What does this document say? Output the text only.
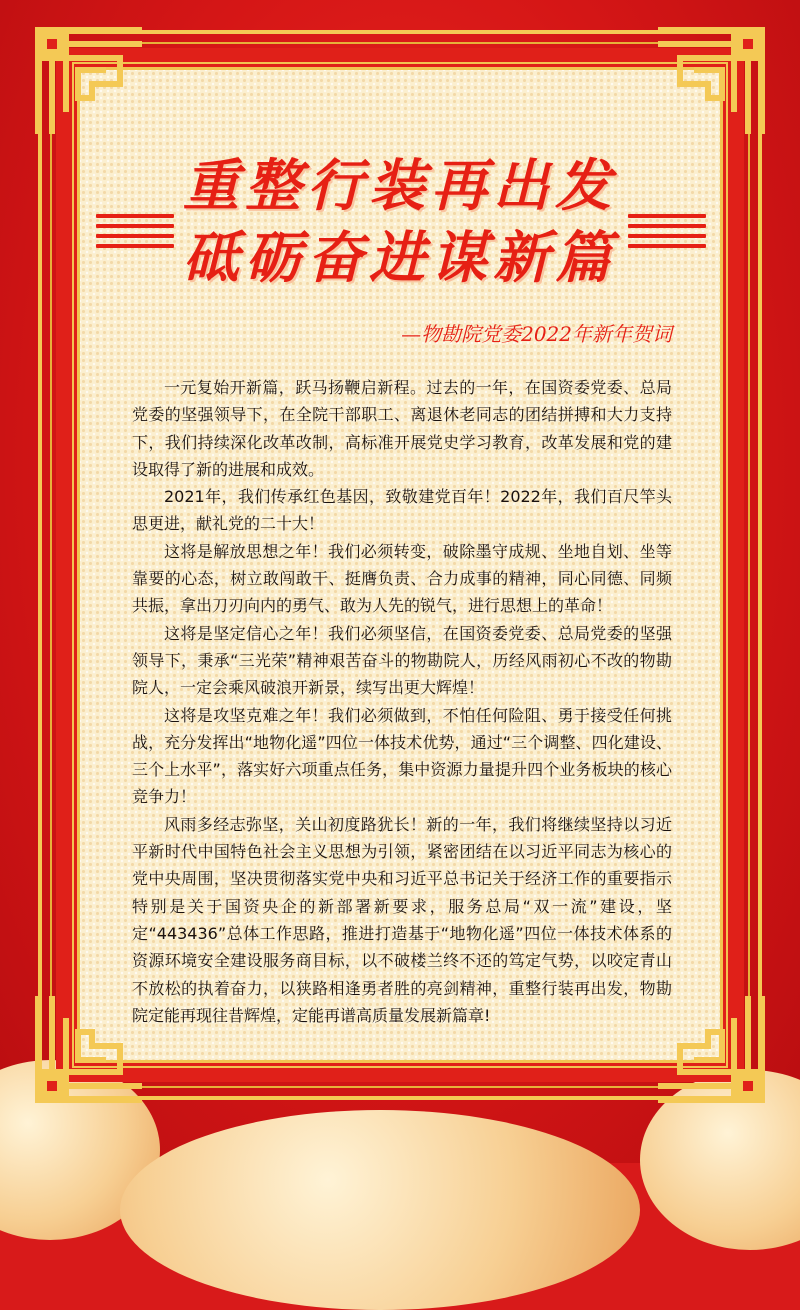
重整行装再出发
砥砺奋进谋新篇
—物勘院党委2022年新年贺词

一元复始开新篇，跃马扬鞭启新程。过去的一年，在国资委党委、总局党委的坚强领导下，在全院干部职工、离退休老同志的团结拼搏和大力支持下，我们持续深化改革改制，高标准开展党史学习教育，改革发展和党的建设取得了新的进展和成效。

2021年，我们传承红色基因，致敬建党百年！2022年，我们百尺竿头思更进，献礼党的二十大！

这将是解放思想之年！我们必须转变，破除墨守成规、坐地自划、坐等靠要的心态，树立敢闯敢干、挺膺负责、合力成事的精神，同心同德、同频共振，拿出刀刃向内的勇气、敢为人先的锐气，进行思想上的革命！

这将是坚定信心之年！我们必须坚信，在国资委党委、总局党委的坚强领导下，秉承“三光荣”精神艰苦奋斗的物勘院人，历经风雨初心不改的物勘院人，一定会乘风破浪开新景，续写出更大辉煌！

这将是攻坚克难之年！我们必须做到，不怕任何险阻、勇于接受任何挑战，充分发挥出“地物化遥”四位一体技术优势，通过“三个调整、四化建设、三个上水平”，落实好六项重点任务，集中资源力量提升四个业务板块的核心竞争力！

风雨多经志弥坚，关山初度路犹长！新的一年，我们将继续坚持以习近平新时代中国特色社会主义思想为引领，紧密团结在以习近平同志为核心的党中央周围，坚决贯彻落实党中央和习近平总书记关于经济工作的重要指示特别是关于国资央企的新部署新要求，服务总局“双一流”建设，坚定“443436”总体工作思路，推进打造基于“地物化遥”四位一体技术体系的资源环境安全建设服务商目标，以不破楼兰终不还的笃定气势，以咬定青山不放松的执着奋力，以狭路相逢勇者胜的亮剑精神，重整行装再出发，物勘院定能再现往昔辉煌，定能再谱高质量发展新篇章!
